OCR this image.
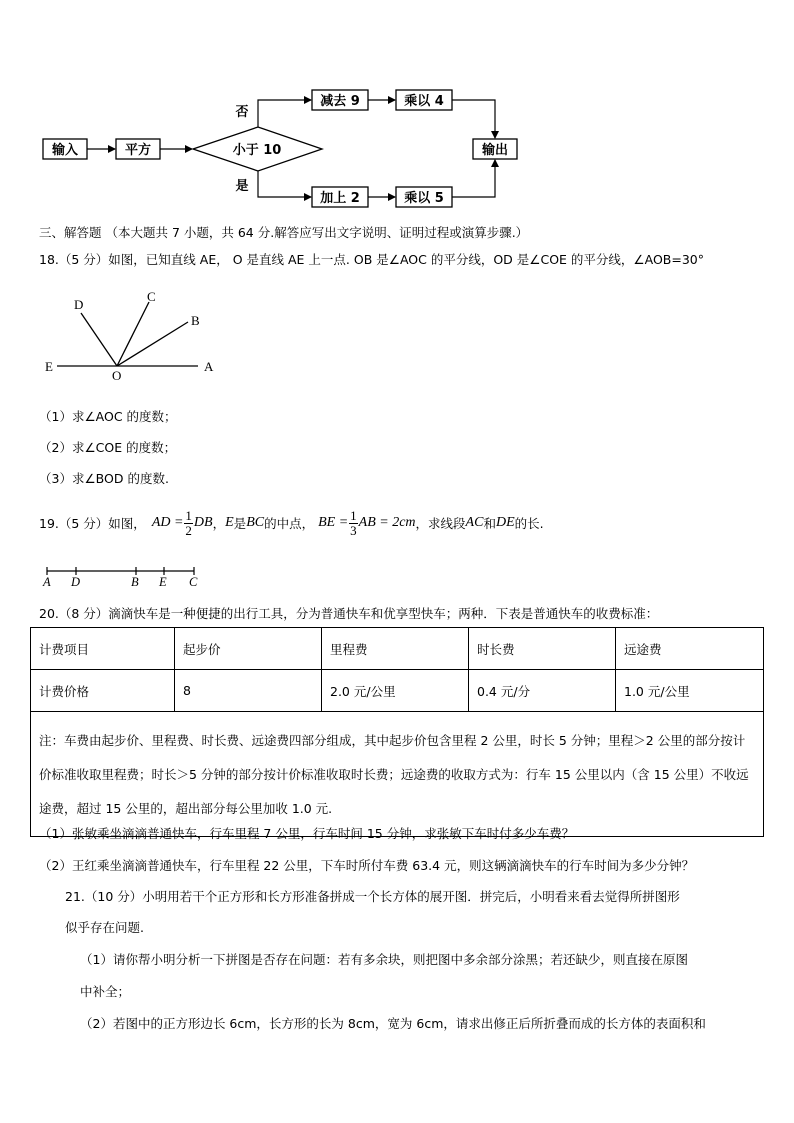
输入	平方	小于 10
减去 9	乘以 4
加上 2	乘以 5
输出
否
是
三、解答题 （本大题共 7 小题，共 64 分.解答应写出文字说明、证明过程或演算步骤.）
18.（5 分）如图，已知直线 AE， O 是直线 AE 上一点. OB 是∠AOC 的平分线，OD 是∠COE 的平分线，∠AOB=30°
D
C
B
E
O
A
（1）求∠AOC 的度数；
（2）求∠COE 的度数；
（3）求∠BOD 的度数.
19.（5 分）如图， AD = $\frac{1}{2}$ DB ， E 是 BC 的中点， BE = $\frac{1}{3}$ AB = 2cm ，求线段 AC 和 DE 的长.
A D	B E C
20.（8 分）滴滴快车是一种便捷的出行工具，分为普通快车和优享型快车；两种．下表是普通快车的收费标准：
计费项目	起步价	里程费	时长费	远途费
计费价格	8	2.0 元/公里	0.4 元/分	1.0 元/公里
注：车费由起步价、里程费、时长费、远途费四部分组成，其中起步价包含里程 2 公里，时长 5 分钟；里程＞2 公里的部分按计价标准收取里程费；时长＞5 分钟的部分按计价标准收取时长费；远途费的收取方式为：行车 15 公里以内（含 15 公里）不收远途费，超过 15 公里的，超出部分每公里加收 1.0 元.				
（1）张敏乘坐滴滴普通快车，行车里程 7 公里，行车时间 15 分钟，求张敏下车时付多少车费？
（2）王红乘坐滴滴普通快车，行车里程 22 公里，下车时所付车费 63.4 元，则这辆滴滴快车的行车时间为多少分钟？
21.（10 分）小明用若干个正方形和长方形准备拼成一个长方体的展开图．拼完后，小明看来看去觉得所拼图形
似乎存在问题.
（1）请你帮小明分析一下拼图是否存在问题：若有多余块，则把图中多余部分涂黑；若还缺少，则直接在原图
中补全；
（2）若图中的正方形边长 6cm，长方形的长为 8cm，宽为 6cm，请求出修正后所折叠而成的长方体的表面积和
